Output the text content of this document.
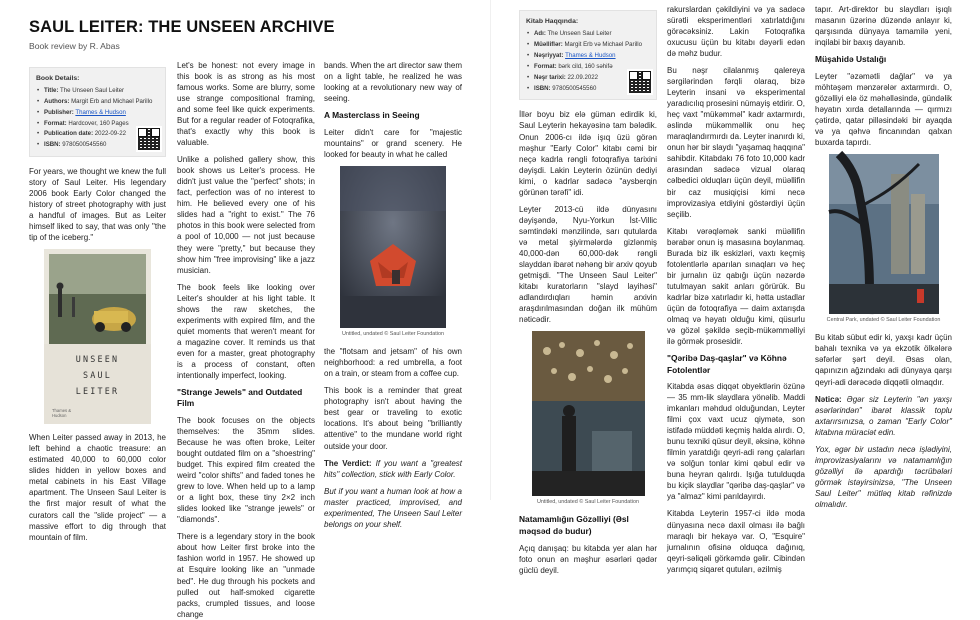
SAUL LEITER: THE UNSEEN ARCHIVE
Book review by R. Abas
Book Details:
• Title: The Unseen Saul Leiter
• Authors: Margit Erb and Michael Parillo
• Publisher: Thames & Hudson
• Format: Hardcover, 160 Pages
• Publication date: 2022-09-22
• ISBN: 9780500545560

For years, we thought we knew the full story of Saul Leiter. His legendary 2006 book Early Color changed the history of street photography with just a handful of images. But as Leiter himself liked to say, that was only "the tip of the iceberg."

UNSEEN
SAUL
LEITER
Thames & Hudson

When Leiter passed away in 2013, he left behind a chaotic treasure: an estimated 40,000 to 60,000 color slides hidden in yellow boxes and metal cabinets in his East Village apartment. The Unseen Saul Leiter is the first major result of what the curators call the "slide project" — a massive effort to dig through that mountain of film.

Let's be honest: not every image in this book is as strong as his most famous works. Some are blurry, some use strange compositional framing, and some feel like quick experiments. But for a regular reader of Fotoqrafika, that's exactly why this book is valuable.

Unlike a polished gallery show, this book shows us Leiter's process. He didn't just value the "perfect" shots; in fact, perfection was of no interest to him. He believed every one of his slides had a "right to exist." The 76 photos in this book were selected from a pool of 10,000 — not just because they were "pretty," but because they show him "free improvising" like a jazz musician.

The book feels like looking over Leiter's shoulder at his light table. It shows the raw sketches, the experiments with expired film, and the quiet moments that weren't meant for a magazine cover. It reminds us that even for a master, great photography is a process of constant, often intentionally imperfect, looking.

"Strange Jewels" and Outdated Film

The book focuses on the objects themselves: the 35mm slides. Because he was often broke, Leiter bought outdated film on a "shoestring" budget. This expired film created the weird "color shifts" and faded tones he grew to love. When held up to a lamp or a light box, these tiny 2×2 inch slides looked like "strange jewels" or "diamonds".

There is a legendary story in the book about how Leiter first broke into the fashion world in 1957. He showed up at Esquire looking like an "unmade bed". He dug through his pockets and pulled out half-smoked cigarette packs, crumpled tissues, and loose change

bands. When the art director saw them on a light table, he realized he was looking at a revolutionary new way of seeing.

A Masterclass in Seeing

Leiter didn't care for "majestic mountains" or grand scenery. He looked for beauty in what he called

Untitled, undated © Saul Leiter Foundation

the "flotsam and jetsam" of his own neighborhood: a red umbrella, a foot on a train, or steam from a coffee cup.

This book is a reminder that great photography isn't about having the best gear or traveling to exotic locations. It's about being "brilliantly attentive" to the mundane world right outside your door.

The Verdict: If you want a "greatest hits" collection, stick with Early Color.

But if you want a human look at how a master practiced, improvised, and experimented, The Unseen Saul Leiter belongs on your shelf.

Kitab Haqqında:
• Adı: The Unseen Saul Leiter
• Müəlliflər: Margit Erb və Michael Parillo
• Nəşriyyat: Thames & Hudson
• Format: bərk cild, 160 səhifə
• Nəşr tarixi: 22.09.2022
• ISBN: 9780500545560

İllər boyu biz elə güman edirdik ki, Saul Leyterin hekayəsinə tam bələdik. Onun 2006-cı ildə işıq üzü görən məşhur "Early Color" kitabı cəmi bir neçə kadrla rəngli fotoqrafiya tarixini dəyişdi. Lakin Leyterin özünün dediyi kimi, o kadrlar sadəcə "aysberqin görünən tərəfi" idi.

Leyter 2013-cü ildə dünyasını dəyişəndə, Nyu-Yorkun İst-Villic səmtindəki mənzilində, sarı qutularda və metal şiyirmələrdə gizlənmiş 40,000-dən 60,000-dək rəngli slayddan ibarət nəhəng bir arxiv qoyub getmişdi. "The Unseen Saul Leiter" kitabı kuratorların "slayd layihəsi" adlandırdıqları həmin arxivin araşdırılmasından doğan ilk mühüm nəticədir.

Untitled, undated © Saul Leiter Foundation
Natamamlığın Gözəlliyi (Əsl məqsəd də budur)

Açıq danışaq: bu kitabda yer alan hər foto onun ən məşhur əsərləri qədər güclü deyil.

rakurslardan çəkildiyini və ya sadəcə sürətli eksperimentləri xatırlatdığını görəcəksiniz. Lakin Fotoqrafika oxucusu üçün bu kitabı dəyərli edən də məhz budur.

Bu nəşr cilalanmış qalereya sərgilərindən fərqli olaraq, bizə Leyterin insani və eksperimental yaradıcılıq prosesini nümayiş etdirir. O, heç vaxt "mükəmməl" kadr axtarmırdı, əslində mükəmməllik onu heç maraqlandırmırdı da. Leyter inanırdı ki, onun hər bir slaydı "yaşamaq haqqına" sahibdir. Kitabdakı 76 foto 10,000 kadr arasından sadəcə vizual olaraq cəlbedici olduqları üçün deyil, müəllifin bir caz musiqiçisi kimi necə improvizasiya etdiyini göstərdiyi üçün seçilib.

Kitabı vərəqləmək sanki müəllifin bərabər onun iş masasına boylanmaq. Burada biz ilk eskizləri, vaxtı keçmiş fotolentlərlə aparılan sınaqları və heç bir jurnalın üz qabığı üçün nəzərdə tutulmayan sakit anları görürük. Bu kadrlar bizə xatırladır ki, hətta ustadlar üçün də fotoqrafiya — daim axtarışda olmaq və həyatı olduğu kimi, qüsurlu və gözəl şəkildə seçib-mükəmməlliyi ilə görmək prosesidir.

"Qəribə Daş-qaşlar" və Köhnə Fotolentlər

Kitabda əsas diqqət obyektlərin özünə — 35 mm-lik slaydlara yönəlib. Maddi imkanları məhdud olduğundan, Leyter filmi çox vaxt ucuz qiymətə, son istifadə müddəti keçmiş halda alırdı. O, bunu texniki qüsur deyil, əksinə, köhnə filmin yaratdığı qeyri-adi rəng çalarları və solğun tonlar kimi qəbul edir və buna heyran qalırdı. Işığa tutulduqda bu kiçik slaydlar "qəribə daş-qaşlar" və ya "almaz" kimi parıldayırdı.

Kitabda Leyterin 1957-ci ildə moda dünyasına necə daxil olması ilə bağlı maraqlı bir hekayə var. O, "Esquire" jurnalının ofisinə olduqca dağınıq, qeyri-səliqəli görkəmdə gəlir. Cibindən yarımçıq siqaret qutuları, əzilmiş

tapır. Art-direktor bu slaydları işıqlı masanın üzərinə düzəndə anlayır ki, qarşısında dünyaya tamamilə yeni, inqilabi bir baxış dayanıb.

Müşahidə Ustalığı

Leyter "əzəmətli dağlar" və ya möhtəşəm mənzərələr axtarmırdı. O, gözəlliyi elə öz məhəlləsində, gündəlik həyatın xırda detallarında — qırmızı çətirdə, qatar pilləsindəki bir ayaqda və ya qəhvə fincanından qalxan buxarda tapırdı.

Central Park, undated © Saul Leiter Foundation

Bu kitab sübut edir ki, yaxşı kadr üçün bahalı texnika və ya ekzotik ölkələrə səfərlər şərt deyil. Əsas olan, qapınızın ağzındakı adi dünyaya qarşı qeyri-adi dərəcədə diqqətli olmaqdır.

Nəticə: Əgər siz Leyterin "ən yaxşı əsərlərindən" ibarət klassik toplu axtarırsınızsa, o zaman "Early Color" kitabına müraciət edin.

Yox, əgər bir ustadın necə işlədiyini, improvizasiyalarını və natamamlığın gözəlliyi ilə apardığı təcrübələri görmək istəyirsinizsə, "The Unseen Saul Leiter" mütləq kitab rəfinizdə olmalıdır.
